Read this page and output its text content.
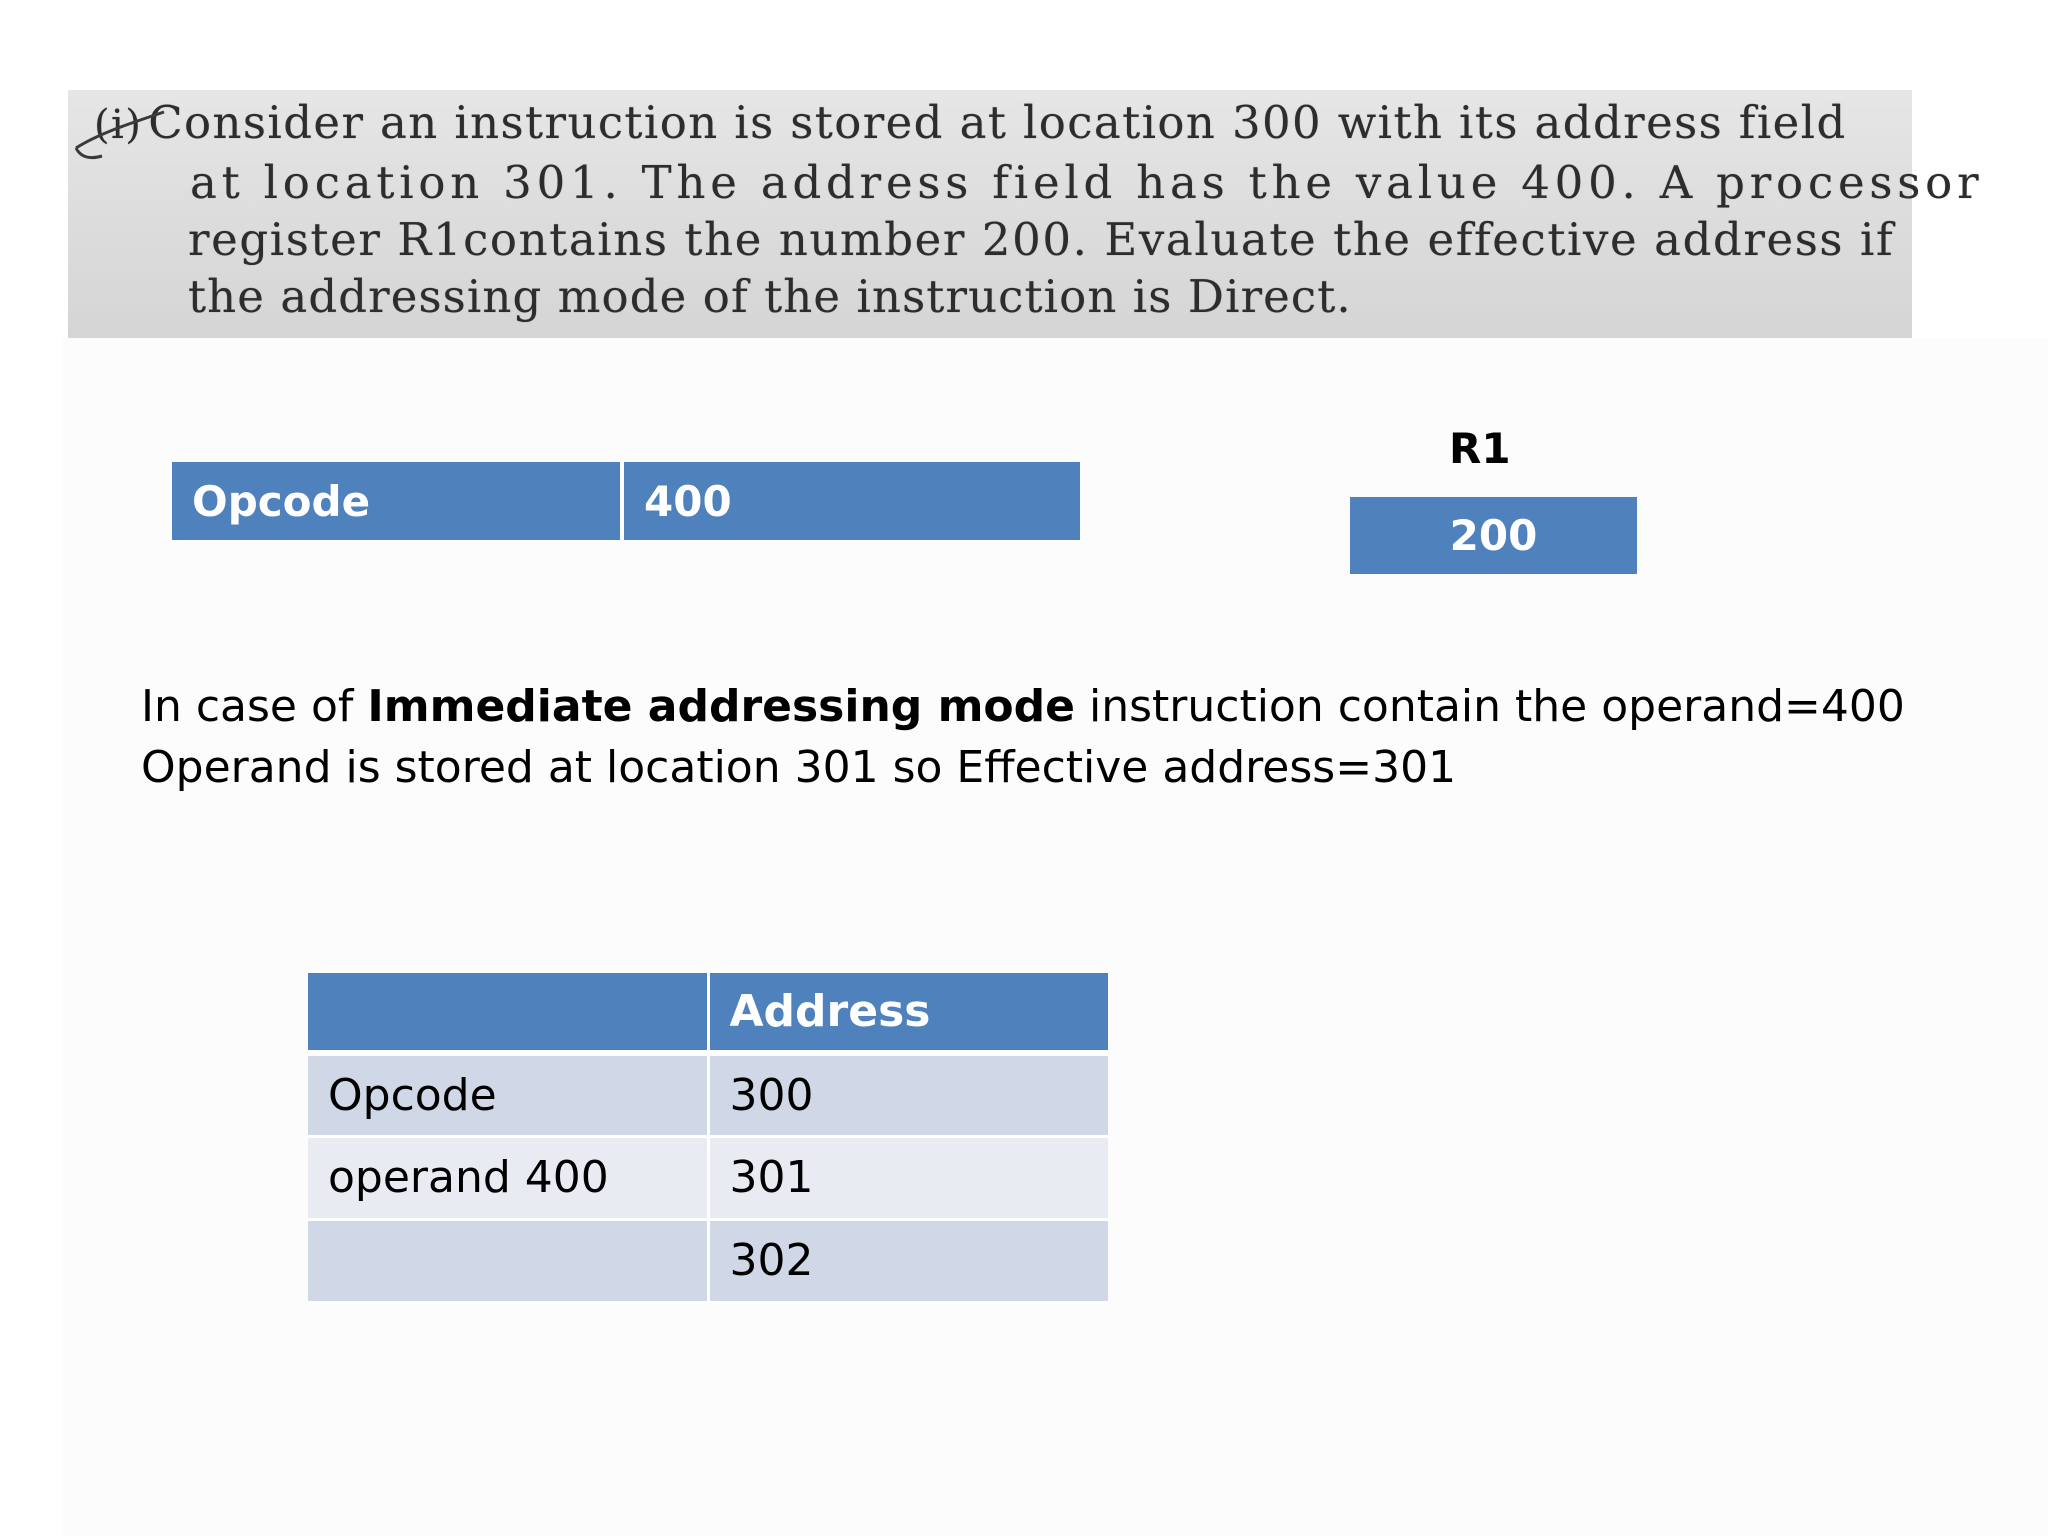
(i) Consider an instruction is stored at location 300 with its address field
at location 301. The address field has the value 400. A processor
register R1contains the number 200. Evaluate the effective address if
the addressing mode of the instruction is Direct.
Opcode	400
R1
200
In case of Immediate addressing mode instruction contain the operand=400
Operand is stored at location 301 so Effective address=301
	Address
Opcode	300
operand 400	301
	302
